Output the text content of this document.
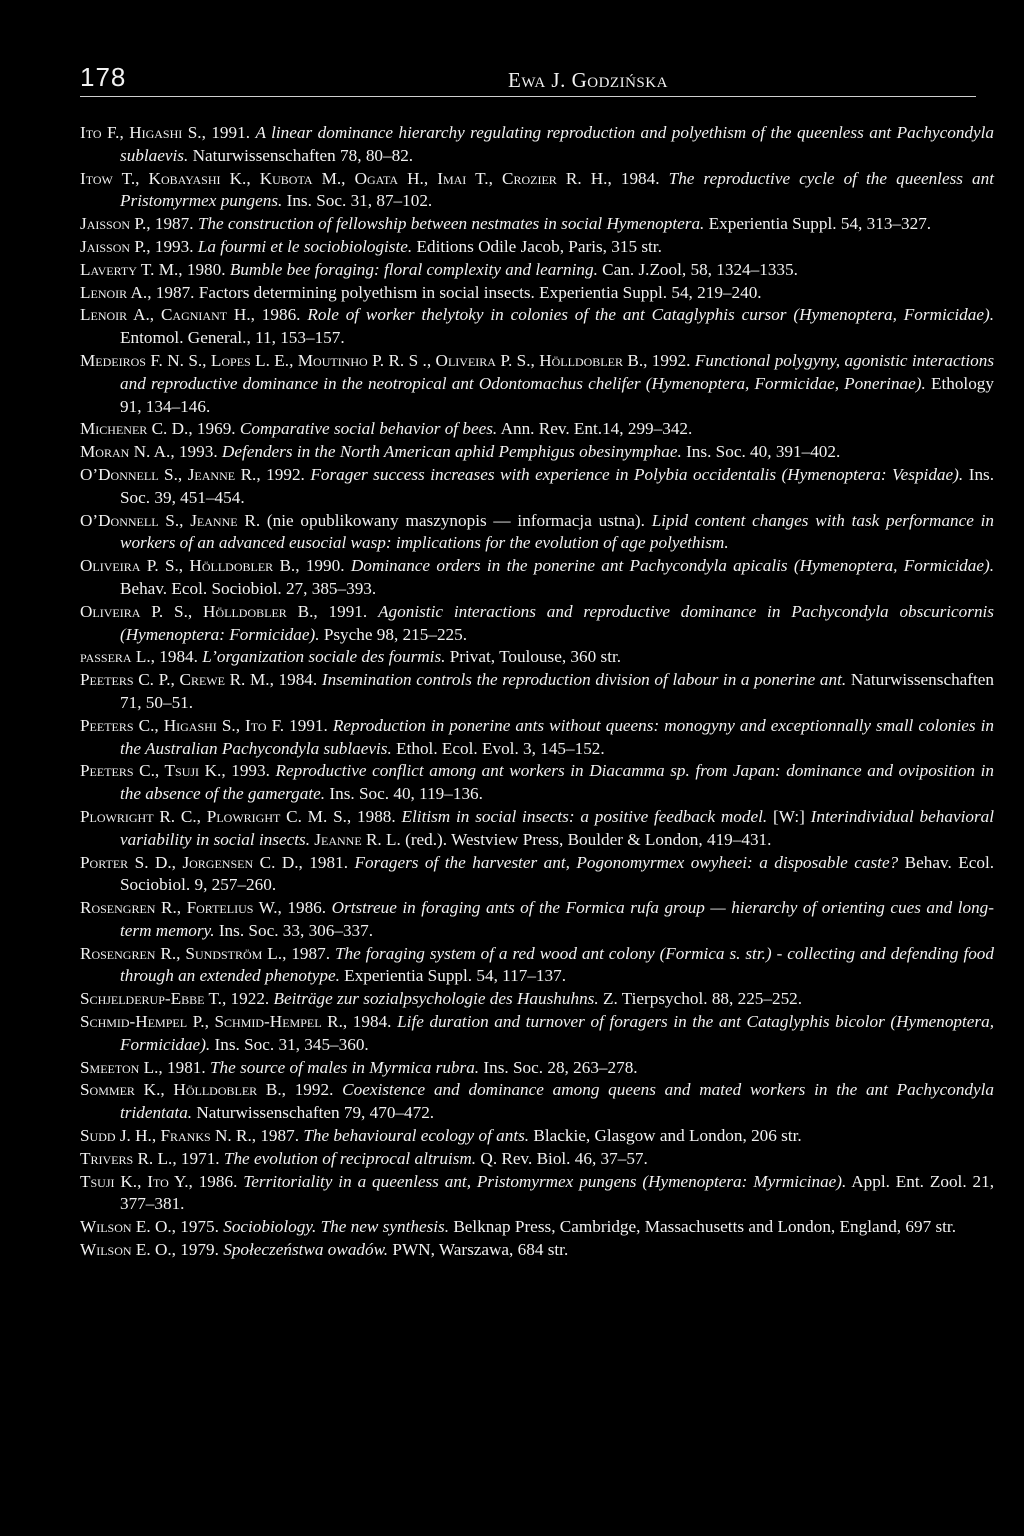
178	Ewa J. Godzińska

Ito F., Higashi S., 1991. A linear dominance hierarchy regulating reproduction and polyethism of the queenless ant Pachycondyla sublaevis. Naturwissenschaften 78, 80–82.

Itow T., Kobayashi K., Kubota M., Ogata H., Imai T., Crozier R. H., 1984. The reproductive cycle of the queenless ant Pristomyrmex pungens. Ins. Soc. 31, 87–102.

Jaisson P., 1987. The construction of fellowship between nestmates in social Hymenoptera. Experientia Suppl. 54, 313–327.

Jaisson P., 1993. La fourmi et le sociobiologiste. Editions Odile Jacob, Paris, 315 str.

Laverty T. M., 1980. Bumble bee foraging: floral complexity and learning. Can. J.Zool, 58, 1324–1335.

Lenoir A., 1987. Factors determining polyethism in social insects. Experientia Suppl. 54, 219–240.

Lenoir A., Cagniant H., 1986. Role of worker thelytoky in colonies of the ant Cataglyphis cursor (Hymenoptera, Formicidae). Entomol. General., 11, 153–157.

Medeiros F. N. S., Lopes L. E., Moutinho P. R. S ., Oliveira P. S., Hölldobler B., 1992. Functional polygyny, agonistic interactions and reproductive dominance in the neotropical ant Odontomachus chelifer (Hymenoptera, Formicidae, Ponerinae). Ethology 91, 134–146.

Michener C. D., 1969. Comparative social behavior of bees. Ann. Rev. Ent.14, 299–342.

Moran N. A., 1993. Defenders in the North American aphid Pemphigus obesinymphae. Ins. Soc. 40, 391–402.

O’Donnell S., Jeanne R., 1992. Forager success increases with experience in Polybia occidentalis (Hymenoptera: Vespidae). Ins. Soc. 39, 451–454.

O’Donnell S., Jeanne R. (nie opublikowany maszynopis — informacja ustna). Lipid content changes with task performance in workers of an advanced eusocial wasp: implications for the evolution of age polyethism.

Oliveira P. S., Hölldobler B., 1990. Dominance orders in the ponerine ant Pachycondyla apicalis (Hymenoptera, Formicidae). Behav. Ecol. Sociobiol. 27, 385–393.

Oliveira P. S., Hölldobler B., 1991. Agonistic interactions and reproductive dominance in Pachycondyla obscuricornis (Hymenoptera: Formicidae). Psyche 98, 215–225.

passera L., 1984. L’organization sociale des fourmis. Privat, Toulouse, 360 str.

Peeters C. P., Crewe R. M., 1984. Insemination controls the reproduction division of labour in a ponerine ant. Naturwissenschaften 71, 50–51.

Peeters C., Higashi S., Ito F. 1991. Reproduction in ponerine ants without queens: monogyny and exceptionnally small colonies in the Australian Pachycondyla sublaevis. Ethol. Ecol. Evol. 3, 145–152.

Peeters C., Tsuji K., 1993. Reproductive conflict among ant workers in Diacamma sp. from Japan: dominance and oviposition in the absence of the gamergate. Ins. Soc. 40, 119–136.

Plowright R. C., Plowright C. M. S., 1988. Elitism in social insects: a positive feedback model. [W:] Interindividual behavioral variability in social insects. Jeanne R. L. (red.). Westview Press, Boulder & London, 419–431.

Porter S. D., Jorgensen C. D., 1981. Foragers of the harvester ant, Pogonomyrmex owyheei: a disposable caste? Behav. Ecol. Sociobiol. 9, 257–260.

Rosengren R., Fortelius W., 1986. Ortstreue in foraging ants of the Formica rufa group — hierarchy of orienting cues and long-term memory. Ins. Soc. 33, 306–337.

Rosengren R., Sundström L., 1987. The foraging system of a red wood ant colony (Formica s. str.) - collecting and defending food through an extended phenotype. Experientia Suppl. 54, 117–137.

Schjelderup-Ebbe T., 1922. Beiträge zur sozialpsychologie des Haushuhns. Z. Tierpsychol. 88, 225–252.

Schmid-Hempel P., Schmid-Hempel R., 1984. Life duration and turnover of foragers in the ant Cataglyphis bicolor (Hymenoptera, Formicidae). Ins. Soc. 31, 345–360.

Smeeton L., 1981. The source of males in Myrmica rubra. Ins. Soc. 28, 263–278.

Sommer K., Hölldobler B., 1992. Coexistence and dominance among queens and mated workers in the ant Pachycondyla tridentata. Naturwissenschaften 79, 470–472.

Sudd J. H., Franks N. R., 1987. The behavioural ecology of ants. Blackie, Glasgow and London, 206 str.

Trivers R. L., 1971. The evolution of reciprocal altruism. Q. Rev. Biol. 46, 37–57.

Tsuji K., Ito Y., 1986. Territoriality in a queenless ant, Pristomyrmex pungens (Hymenoptera: Myrmicinae). Appl. Ent. Zool. 21, 377–381.

Wilson E. O., 1975. Sociobiology. The new synthesis. Belknap Press, Cambridge, Massachusetts and London, England, 697 str.

Wilson E. O., 1979. Społeczeństwa owadów. PWN, Warszawa, 684 str.
